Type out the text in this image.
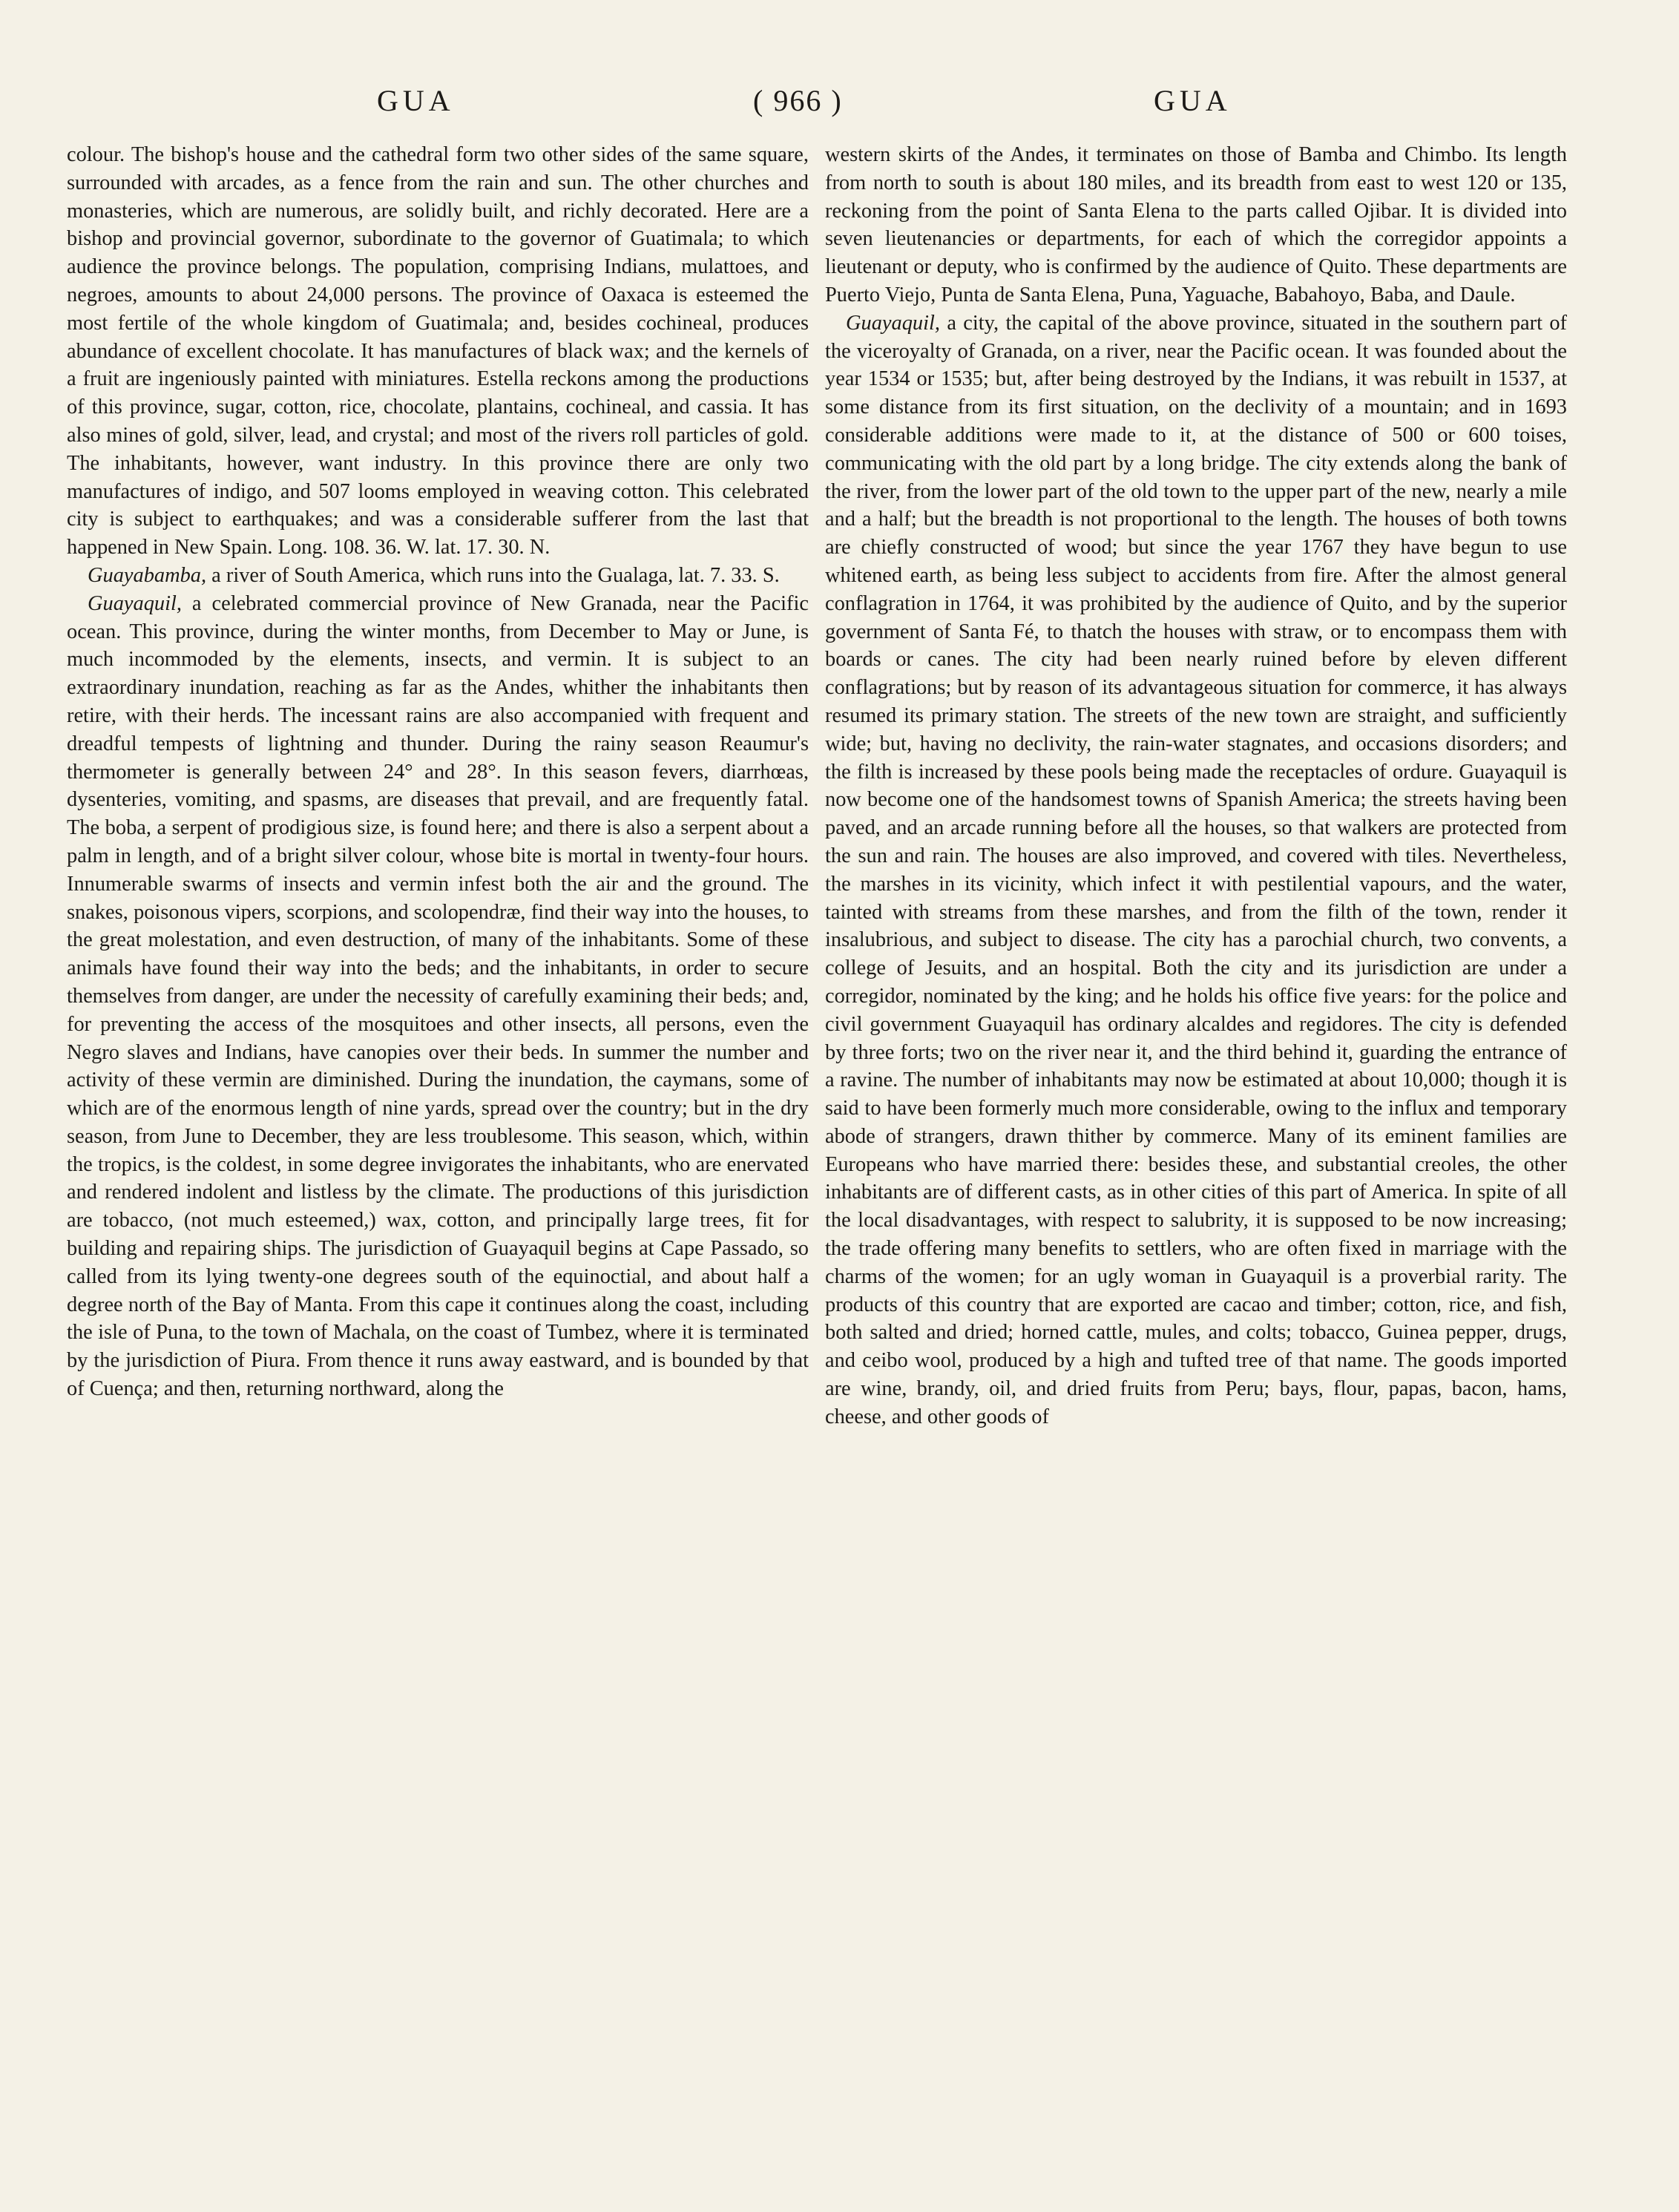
GUA	( 966 )	GUA

colour. The bishop's house and the cathedral form two other sides of the same square, surrounded with arcades, as a fence from the rain and sun. The other churches and monasteries, which are numerous, are solidly built, and richly decorated. Here are a bishop and provincial governor, subordinate to the governor of Guatimala; to which audience the province belongs. The population, comprising Indians, mulattoes, and negroes, amounts to about 24,000 persons. The province of Oaxaca is esteemed the most fertile of the whole kingdom of Guatimala; and, besides cochineal, produces abundance of excellent chocolate. It has manufactures of black wax; and the kernels of a fruit are ingeniously painted with miniatures. Estella reckons among the productions of this province, sugar, cotton, rice, chocolate, plantains, cochineal, and cassia. It has also mines of gold, silver, lead, and crystal; and most of the rivers roll particles of gold. The inhabitants, however, want industry. In this province there are only two manufactures of indigo, and 507 looms employed in weaving cotton. This celebrated city is subject to earthquakes; and was a considerable sufferer from the last that happened in New Spain. Long. 108. 36. W. lat. 17. 30. N.

Guayabamba, a river of South America, which runs into the Gualaga, lat. 7. 33. S.

Guayaquil, a celebrated commercial province of New Granada, near the Pacific ocean. This province, during the winter months, from December to May or June, is much incommoded by the elements, insects, and vermin. It is subject to an extraordinary inundation, reaching as far as the Andes, whither the inhabitants then retire, with their herds. The incessant rains are also accompanied with frequent and dreadful tempests of lightning and thunder. During the rainy season Reaumur's thermometer is generally between 24° and 28°. In this season fevers, diarrhœas, dysenteries, vomiting, and spasms, are diseases that prevail, and are frequently fatal. The boba, a serpent of prodigious size, is found here; and there is also a serpent about a palm in length, and of a bright silver colour, whose bite is mortal in twenty-four hours. Innumerable swarms of insects and vermin infest both the air and the ground. The snakes, poisonous vipers, scorpions, and scolopendræ, find their way into the houses, to the great molestation, and even destruction, of many of the inhabitants. Some of these animals have found their way into the beds; and the inhabitants, in order to secure themselves from danger, are under the necessity of carefully examining their beds; and, for preventing the access of the mosquitoes and other insects, all persons, even the Negro slaves and Indians, have canopies over their beds. In summer the number and activity of these vermin are diminished. During the inundation, the caymans, some of which are of the enormous length of nine yards, spread over the country; but in the dry season, from June to December, they are less troublesome. This season, which, within the tropics, is the coldest, in some degree invigorates the inhabitants, who are enervated and rendered indolent and listless by the climate. The productions of this jurisdiction are tobacco, (not much esteemed,) wax, cotton, and principally large trees, fit for building and repairing ships. The jurisdiction of Guayaquil begins at Cape Passado, so called from its lying twenty-one degrees south of the equinoctial, and about half a degree north of the Bay of Manta. From this cape it continues along the coast, including the isle of Puna, to the town of Machala, on the coast of Tumbez, where it is terminated by the jurisdiction of Piura. From thence it runs away eastward, and is bounded by that of Cuença; and then, returning northward, along the

western skirts of the Andes, it terminates on those of Bamba and Chimbo. Its length from north to south is about 180 miles, and its breadth from east to west 120 or 135, reckoning from the point of Santa Elena to the parts called Ojibar. It is divided into seven lieutenancies or departments, for each of which the corregidor appoints a lieutenant or deputy, who is confirmed by the audience of Quito. These departments are Puerto Viejo, Punta de Santa Elena, Puna, Yaguache, Babahoyo, Baba, and Daule.

Guayaquil, a city, the capital of the above province, situated in the southern part of the viceroyalty of Granada, on a river, near the Pacific ocean. It was founded about the year 1534 or 1535; but, after being destroyed by the Indians, it was rebuilt in 1537, at some distance from its first situation, on the declivity of a mountain; and in 1693 considerable additions were made to it, at the distance of 500 or 600 toises, communicating with the old part by a long bridge. The city extends along the bank of the river, from the lower part of the old town to the upper part of the new, nearly a mile and a half; but the breadth is not proportional to the length. The houses of both towns are chiefly constructed of wood; but since the year 1767 they have begun to use whitened earth, as being less subject to accidents from fire. After the almost general conflagration in 1764, it was prohibited by the audience of Quito, and by the superior government of Santa Fé, to thatch the houses with straw, or to encompass them with boards or canes. The city had been nearly ruined before by eleven different conflagrations; but by reason of its advantageous situation for commerce, it has always resumed its primary station. The streets of the new town are straight, and sufficiently wide; but, having no declivity, the rain-water stagnates, and occasions disorders; and the filth is increased by these pools being made the receptacles of ordure. Guayaquil is now become one of the handsomest towns of Spanish America; the streets having been paved, and an arcade running before all the houses, so that walkers are protected from the sun and rain. The houses are also improved, and covered with tiles. Nevertheless, the marshes in its vicinity, which infect it with pestilential vapours, and the water, tainted with streams from these marshes, and from the filth of the town, render it insalubrious, and subject to disease. The city has a parochial church, two convents, a college of Jesuits, and an hospital. Both the city and its jurisdiction are under a corregidor, nominated by the king; and he holds his office five years: for the police and civil government Guayaquil has ordinary alcaldes and regidores. The city is defended by three forts; two on the river near it, and the third behind it, guarding the entrance of a ravine. The number of inhabitants may now be estimated at about 10,000; though it is said to have been formerly much more considerable, owing to the influx and temporary abode of strangers, drawn thither by commerce. Many of its eminent families are Europeans who have married there: besides these, and substantial creoles, the other inhabitants are of different casts, as in other cities of this part of America. In spite of all the local disadvantages, with respect to salubrity, it is supposed to be now increasing; the trade offering many benefits to settlers, who are often fixed in marriage with the charms of the women; for an ugly woman in Guayaquil is a proverbial rarity. The products of this country that are exported are cacao and timber; cotton, rice, and fish, both salted and dried; horned cattle, mules, and colts; tobacco, Guinea pepper, drugs, and ceibo wool, produced by a high and tufted tree of that name. The goods imported are wine, brandy, oil, and dried fruits from Peru; bays, flour, papas, bacon, hams, cheese, and other goods of
